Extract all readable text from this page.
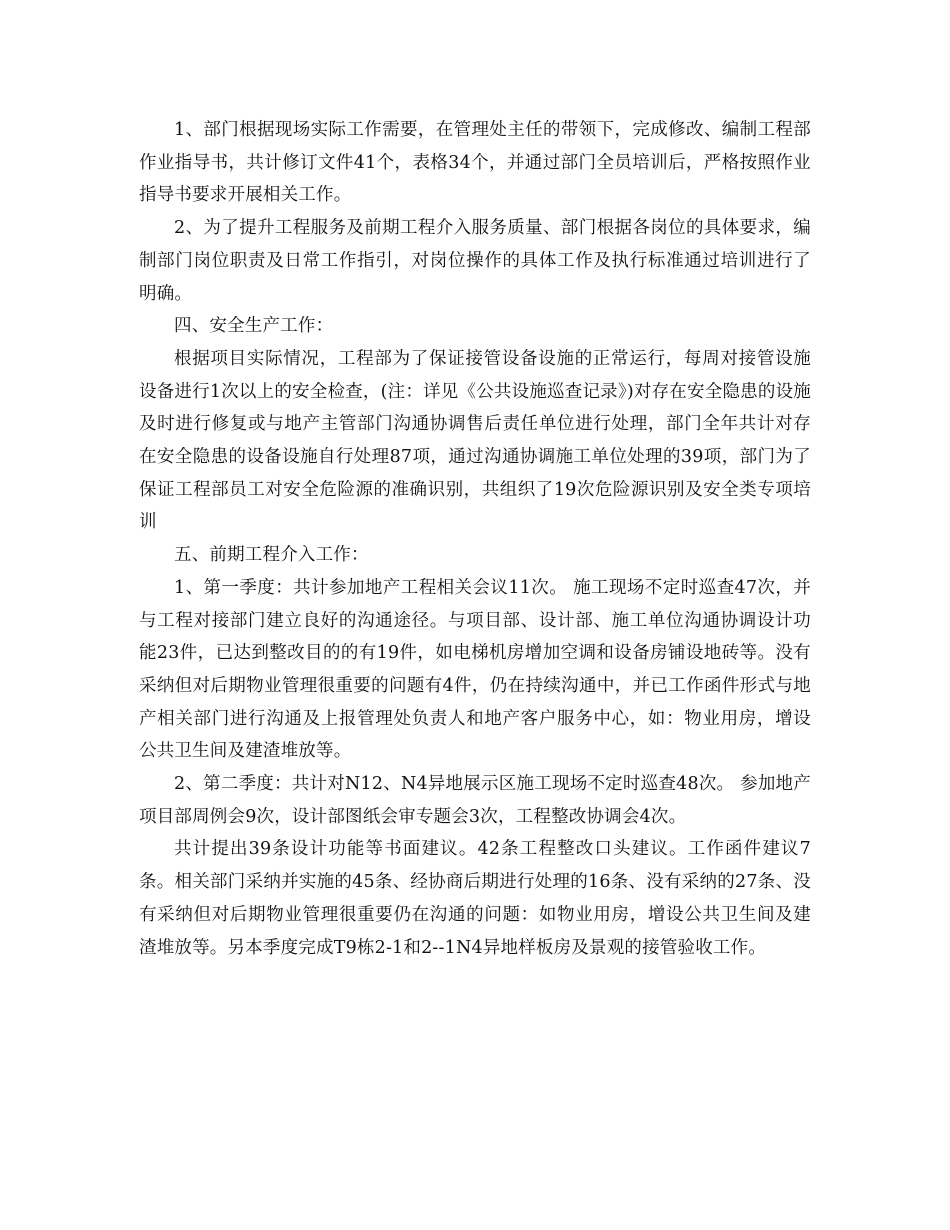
1、部门根据现场实际工作需要，在管理处主任的带领下，完成修改、编制工程部作业指导书，共计修订文件41个，表格34个，并通过部门全员培训后，严格按照作业指导书要求开展相关工作。

2、为了提升工程服务及前期工程介入服务质量、部门根据各岗位的具体要求，编制部门岗位职责及日常工作指引，对岗位操作的具体工作及执行标准通过培训进行了明确。

四、安全生产工作：

根据项目实际情况，工程部为了保证接管设备设施的正常运行，每周对接管设施设备进行1次以上的安全检查，(注：详见《公共设施巡查记录》)对存在安全隐患的设施及时进行修复或与地产主管部门沟通协调售后责任单位进行处理，部门全年共计对存在安全隐患的设备设施自行处理87项，通过沟通协调施工单位处理的39项，部门为了保证工程部员工对安全危险源的准确识别，共组织了19次危险源识别及安全类专项培训

五、前期工程介入工作：

1、第一季度：共计参加地产工程相关会议11次。 施工现场不定时巡查47次，并与工程对接部门建立良好的沟通途径。与项目部、设计部、施工单位沟通协调设计功能23件，已达到整改目的的有19件，如电梯机房增加空调和设备房铺设地砖等。没有采纳但对后期物业管理很重要的问题有4件，仍在持续沟通中，并已工作函件形式与地产相关部门进行沟通及上报管理处负责人和地产客户服务中心，如：物业用房，增设公共卫生间及建渣堆放等。

2、第二季度：共计对N12、N4异地展示区施工现场不定时巡查48次。 参加地产项目部周例会9次，设计部图纸会审专题会3次，工程整改协调会4次。

共计提出39条设计功能等书面建议。42条工程整改口头建议。工作函件建议7条。相关部门采纳并实施的45条、经协商后期进行处理的16条、没有采纳的27条、没有采纳但对后期物业管理很重要仍在沟通的问题：如物业用房，增设公共卫生间及建渣堆放等。另本季度完成T9栋2-1和2--1N4异地样板房及景观的接管验收工作。
